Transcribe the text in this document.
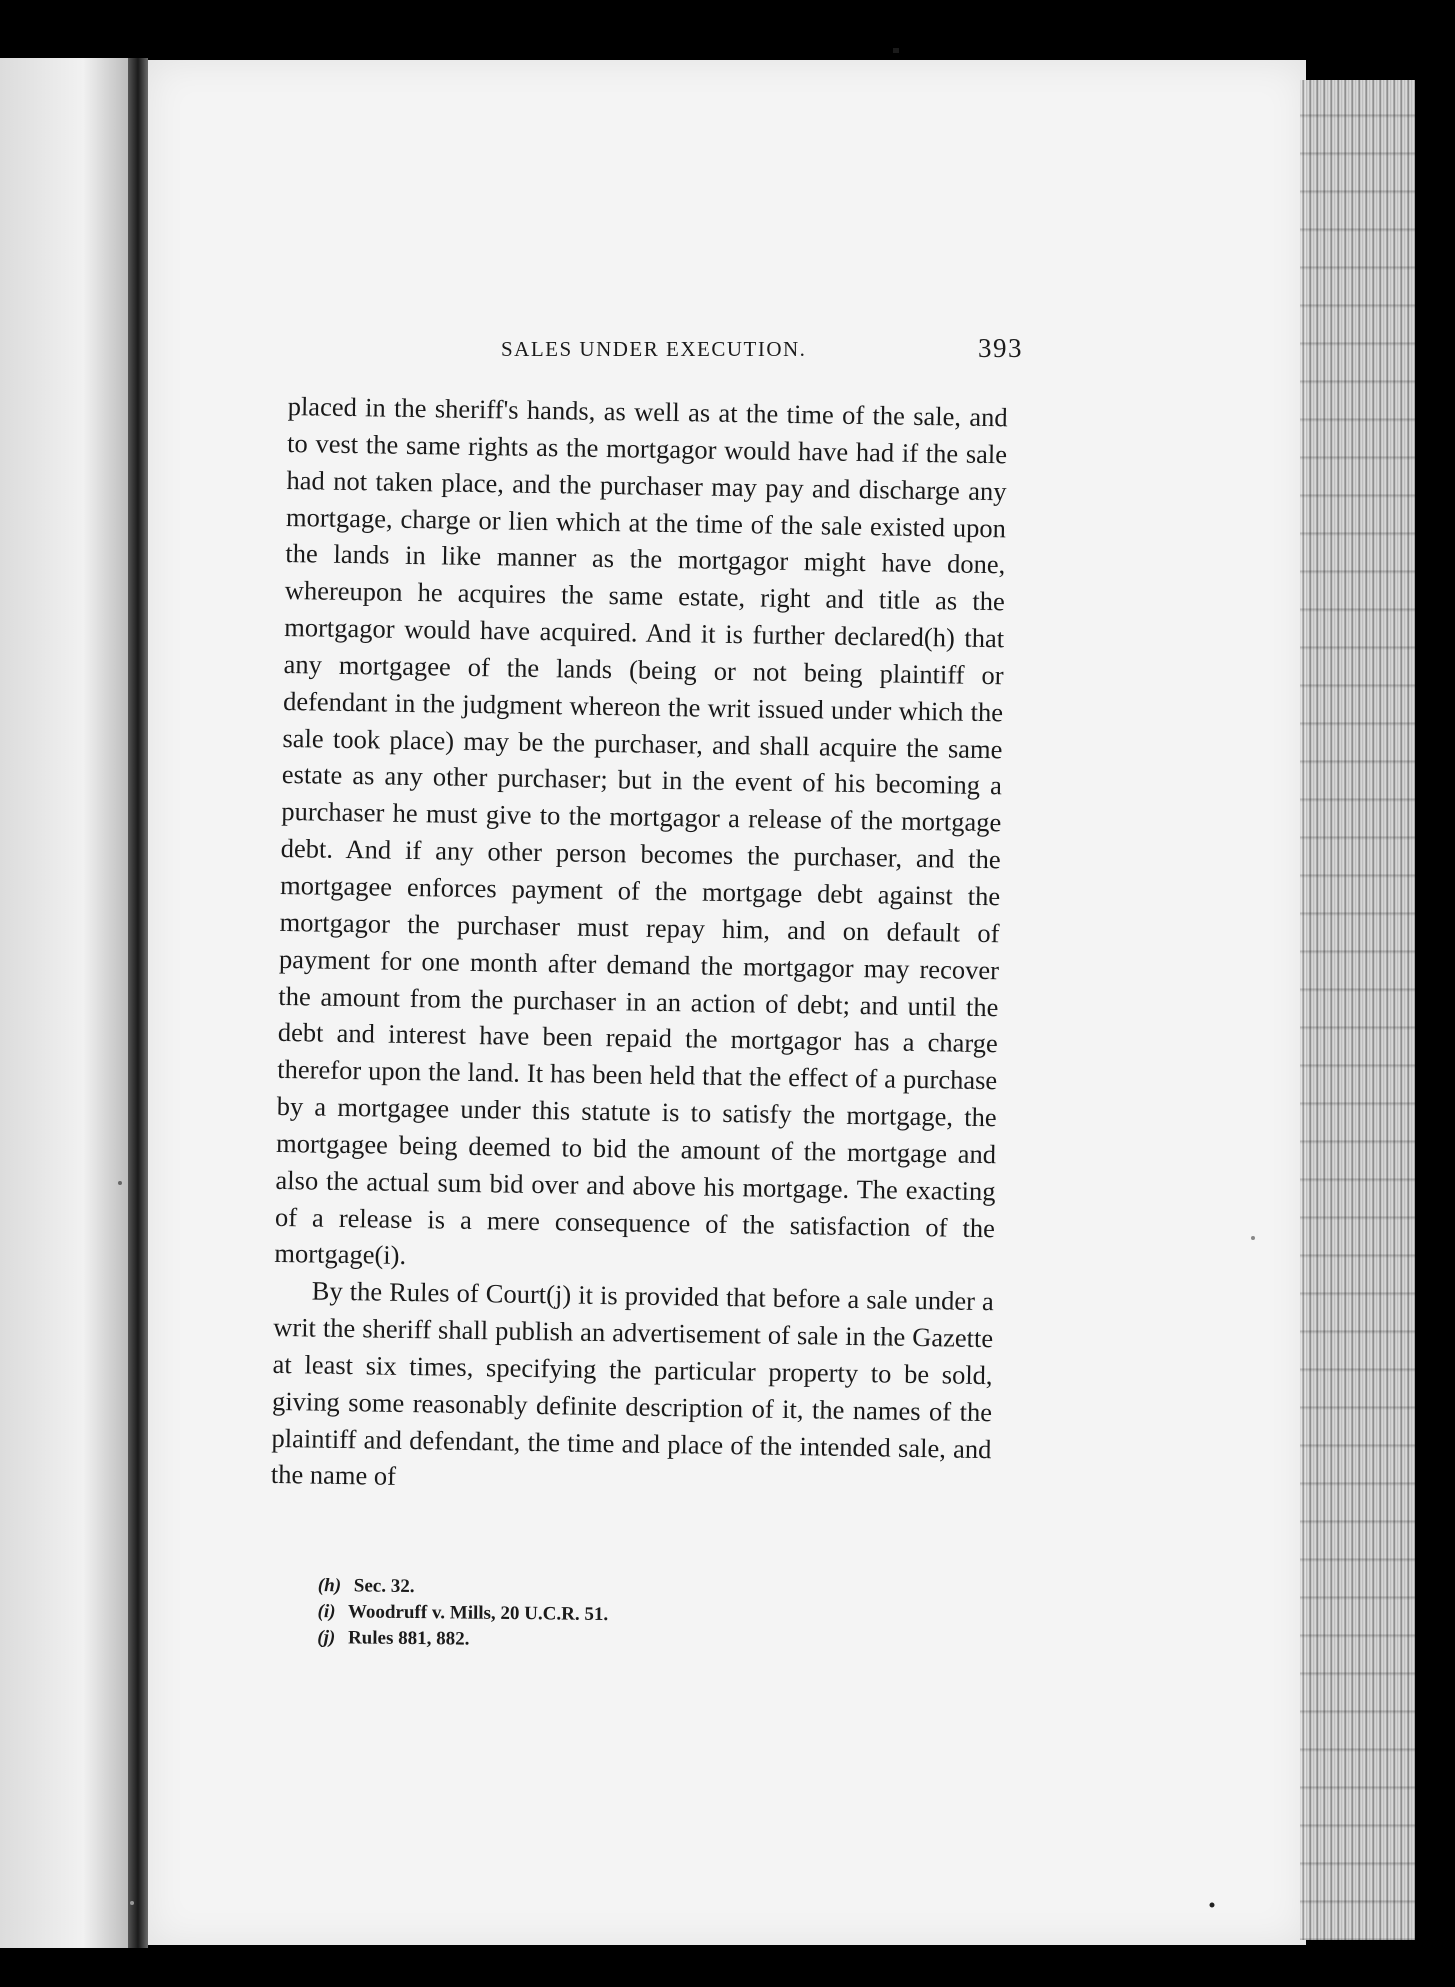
SALES UNDER EXECUTION.	393

placed in the sheriff's hands, as well as at the time of the sale, and to vest the same rights as the mortgagor would have had if the sale had not taken place, and the purchaser may pay and discharge any mortgage, charge or lien which at the time of the sale existed upon the lands in like manner as the mortgagor might have done, whereupon he acquires the same estate, right and title as the mortgagor would have acquired. And it is further declared(h) that any mortgagee of the lands (being or not being plaintiff or defendant in the judgment whereon the writ issued under which the sale took place) may be the purchaser, and shall acquire the same estate as any other purchaser; but in the event of his becoming a purchaser he must give to the mortgagor a release of the mortgage debt. And if any other person becomes the purchaser, and the mortgagee enforces payment of the mortgage debt against the mortgagor the purchaser must repay him, and on default of payment for one month after demand the mortgagor may recover the amount from the purchaser in an action of debt; and until the debt and interest have been repaid the mortgagor has a charge therefor upon the land. It has been held that the effect of a purchase by a mortgagee under this statute is to satisfy the mortgage, the mortgagee being deemed to bid the amount of the mortgage and also the actual sum bid over and above his mortgage. The exacting of a release is a mere consequence of the satisfaction of the mortgage(i).

By the Rules of Court(j) it is provided that before a sale under a writ the sheriff shall publish an advertisement of sale in the Gazette at least six times, specifying the particular property to be sold, giving some reasonably definite description of it, the names of the plaintiff and defendant, the time and place of the intended sale, and the name of

(h) Sec. 32.
(i) Woodruff v. Mills, 20 U.C.R. 51.
(j) Rules 881, 882.
